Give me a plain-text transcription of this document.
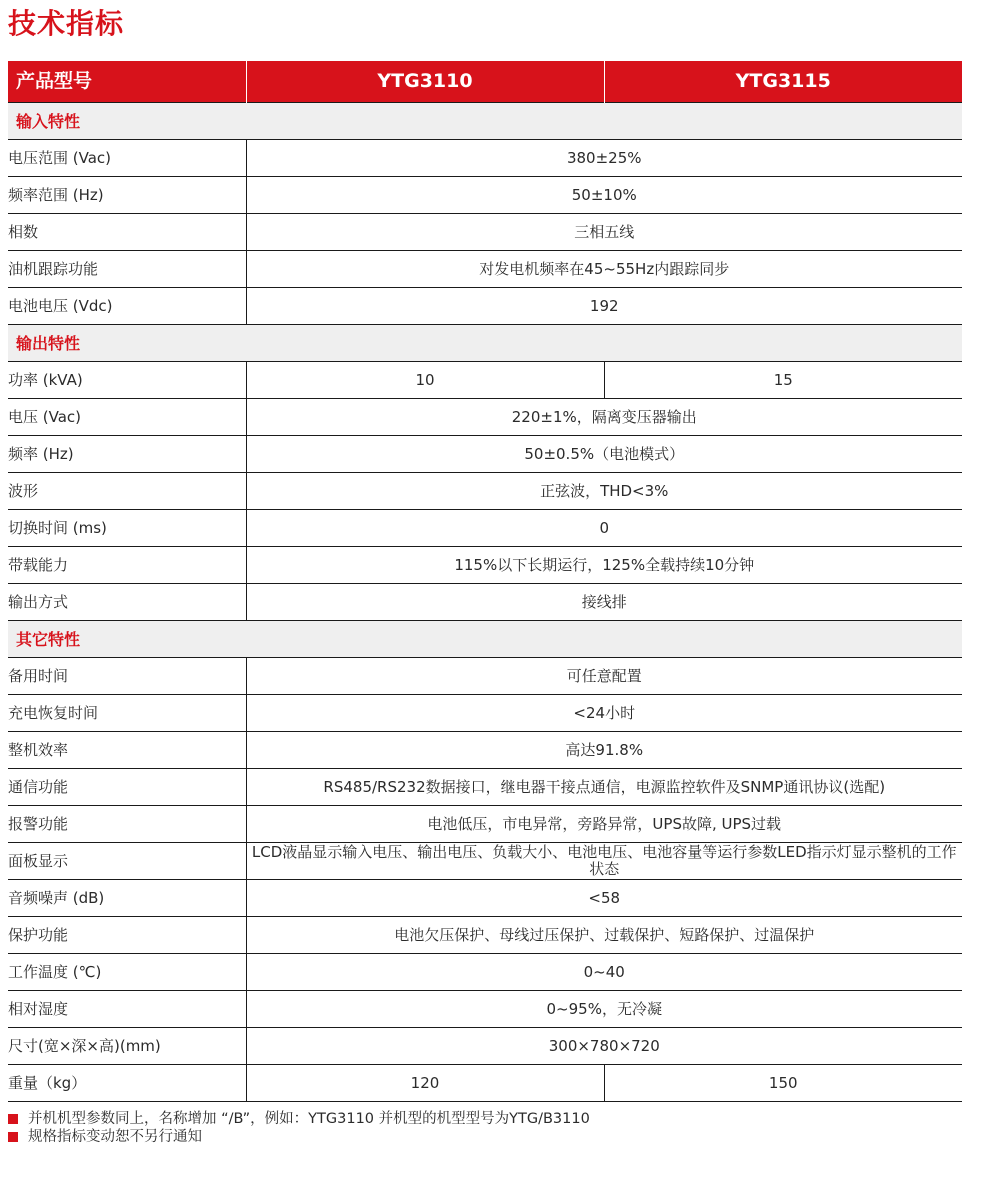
技术指标
产品型号	YTG3110	YTG3115
输入特性		
电压范围 (Vac)	380±25%	
频率范围 (Hz)	50±10%	
相数	三相五线	
油机跟踪功能	对发电机频率在45~55Hz内跟踪同步	
电池电压 (Vdc)	192	
输出特性		
功率 (kVA)	10	15
电压 (Vac)	220±1%，隔离变压器输出	
频率 (Hz)	50±0.5%（电池模式）	
波形	正弦波，THD<3%	
切换时间 (ms)	0	
带载能力	115%以下长期运行，125%全载持续10分钟	
输出方式	接线排	
其它特性		
备用时间	可任意配置	
充电恢复时间	<24小时	
整机效率	高达91.8%	
通信功能	RS485/RS232数据接口，继电器干接点通信，电源监控软件及SNMP通讯协议(选配)	
报警功能	电池低压，市电异常，旁路异常，UPS故障, UPS过载	
面板显示	LCD液晶显示输入电压、输出电压、负载大小、电池电压、电池容量等运行参数LED指示灯显示整机的工作状态	
音频噪声 (dB)	<58	
保护功能	电池欠压保护、母线过压保护、过载保护、短路保护、过温保护	
工作温度 (℃)	0~40	
相对湿度	0~95%，无冷凝	
尺寸(宽×深×高)(mm)	300×780×720	
重量（kg）	120	150
并机机型参数同上，名称增加 “/B”，例如：YTG3110 并机型的机型型号为YTG/B3110
规格指标变动恕不另行通知
